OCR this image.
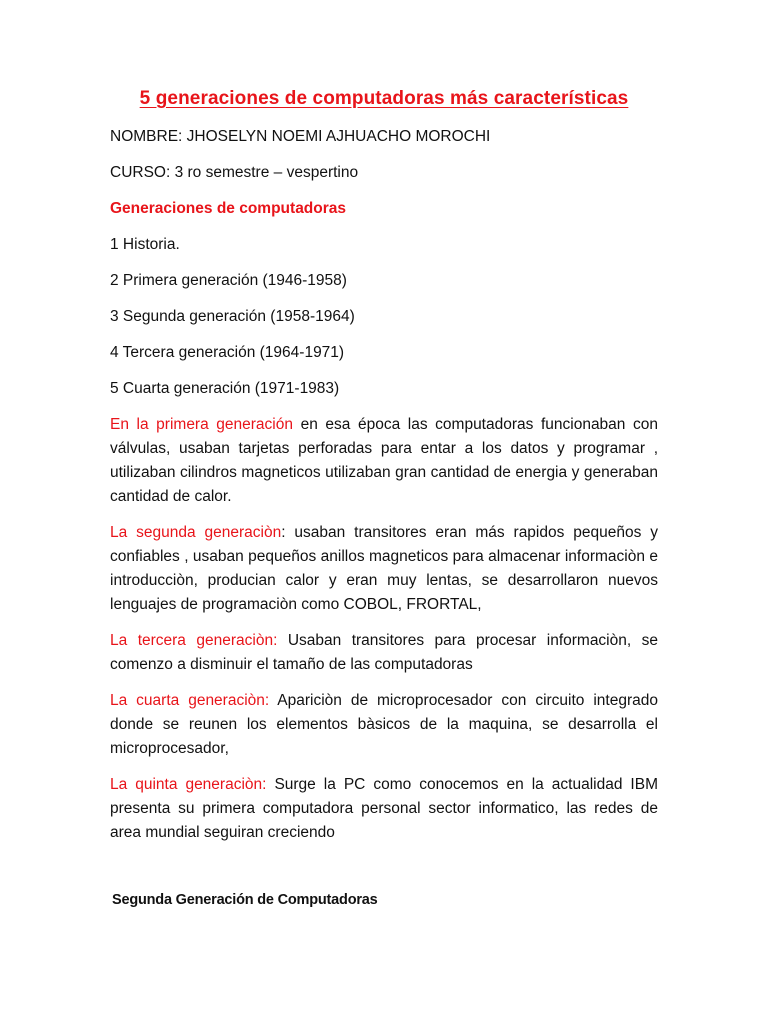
5 generaciones de computadoras más características
NOMBRE: JHOSELYN NOEMI AJHUACHO MOROCHI
CURSO: 3 ro semestre – vespertino
Generaciones de computadoras
1 Historia.
2 Primera generación (1946-1958)
3 Segunda generación (1958-1964)
4 Tercera generación (1964-1971)
5 Cuarta generación (1971-1983)
En la primera generación en esa época las computadoras funcionaban con válvulas, usaban tarjetas perforadas para entar a los datos y programar , utilizaban cilindros magneticos utilizaban gran cantidad de energia y generaban cantidad de calor.
La segunda generaciòn: usaban transitores eran más rapidos pequeños y confiables , usaban pequeños anillos magneticos para almacenar informaciòn e introducciòn, producian calor y eran muy lentas, se desarrollaron nuevos lenguajes de programaciòn como COBOL, FRORTAL,
La tercera generaciòn: Usaban transitores para procesar informaciòn, se comenzo a disminuir el tamaño de las computadoras
La cuarta generaciòn: Apariciòn de microprocesador con circuito integrado donde se reunen los elementos bàsicos de la maquina, se desarrolla el microprocesador,
La quinta generaciòn: Surge la PC como conocemos en la actualidad IBM presenta su primera computadora personal sector informatico, las redes de area mundial seguiran creciendo
Segunda Generación de Computadoras
